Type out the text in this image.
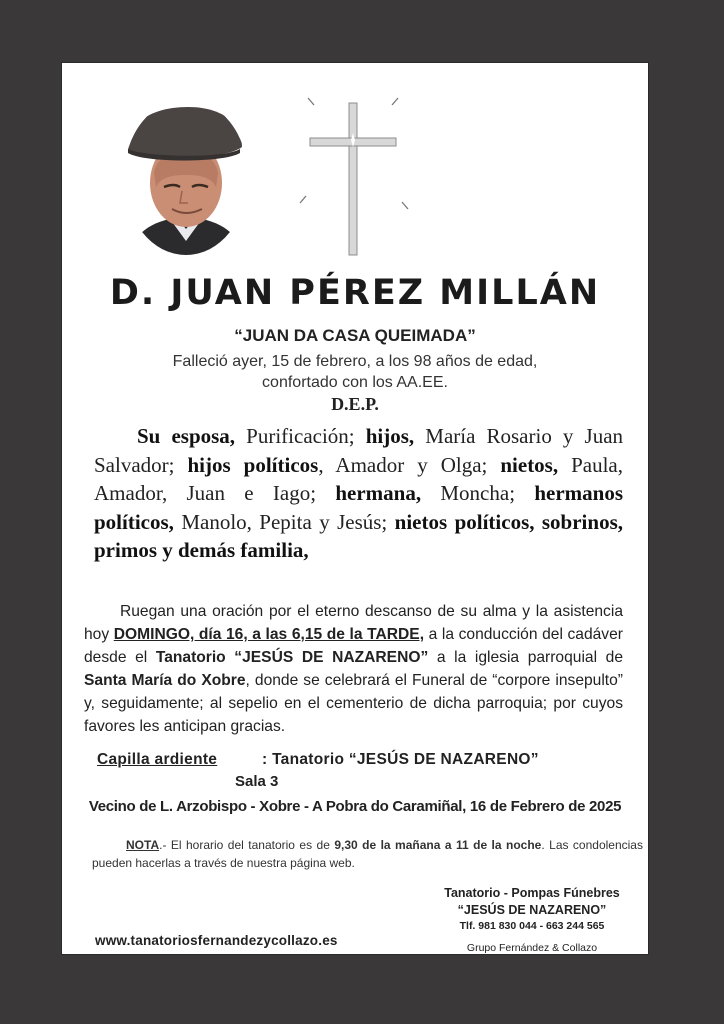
D. JUAN PÉREZ MILLÁN
“JUAN DA CASA QUEIMADA”
Falleció ayer, 15 de febrero, a los 98 años de edad,
confortado con los AA.EE.
D.E.P.
Su esposa, Purificación; hijos, María Rosario y Juan Salvador; hijos políticos, Amador y Olga; nietos, Paula, Amador, Juan e Iago; hermana, Moncha; hermanos políticos, Manolo, Pepita y Jesús; nietos políticos, sobrinos, primos y demás familia,
Ruegan una oración por el eterno descanso de su alma y la asistencia hoy DOMINGO, día 16, a las 6,15 de la TARDE, a la conducción del cadáver desde el Tanatorio “JESÚS DE NAZARENO” a la iglesia parroquial de Santa María do Xobre, donde se celebrará el Funeral de “corpore insepulto” y, seguidamente; al sepelio en el cementerio de dicha parroquia; por cuyos favores les anticipan gracias.
Capilla ardiente	: Tanatorio “JESÚS DE NAZARENO”
Sala 3
Vecino de L. Arzobispo - Xobre - A Pobra do Caramiñal, 16 de Febrero de 2025
NOTA.- El horario del tanatorio es de 9,30 de la mañana a 11 de la noche. Las condolencias pueden hacerlas a través de nuestra página web.
www.tanatoriosfernandezycollazo.es
Tanatorio - Pompas Fúnebres
“JESÚS DE NAZARENO”
Tlf. 981 830 044 - 663 244 565
Grupo Fernández & Collazo
